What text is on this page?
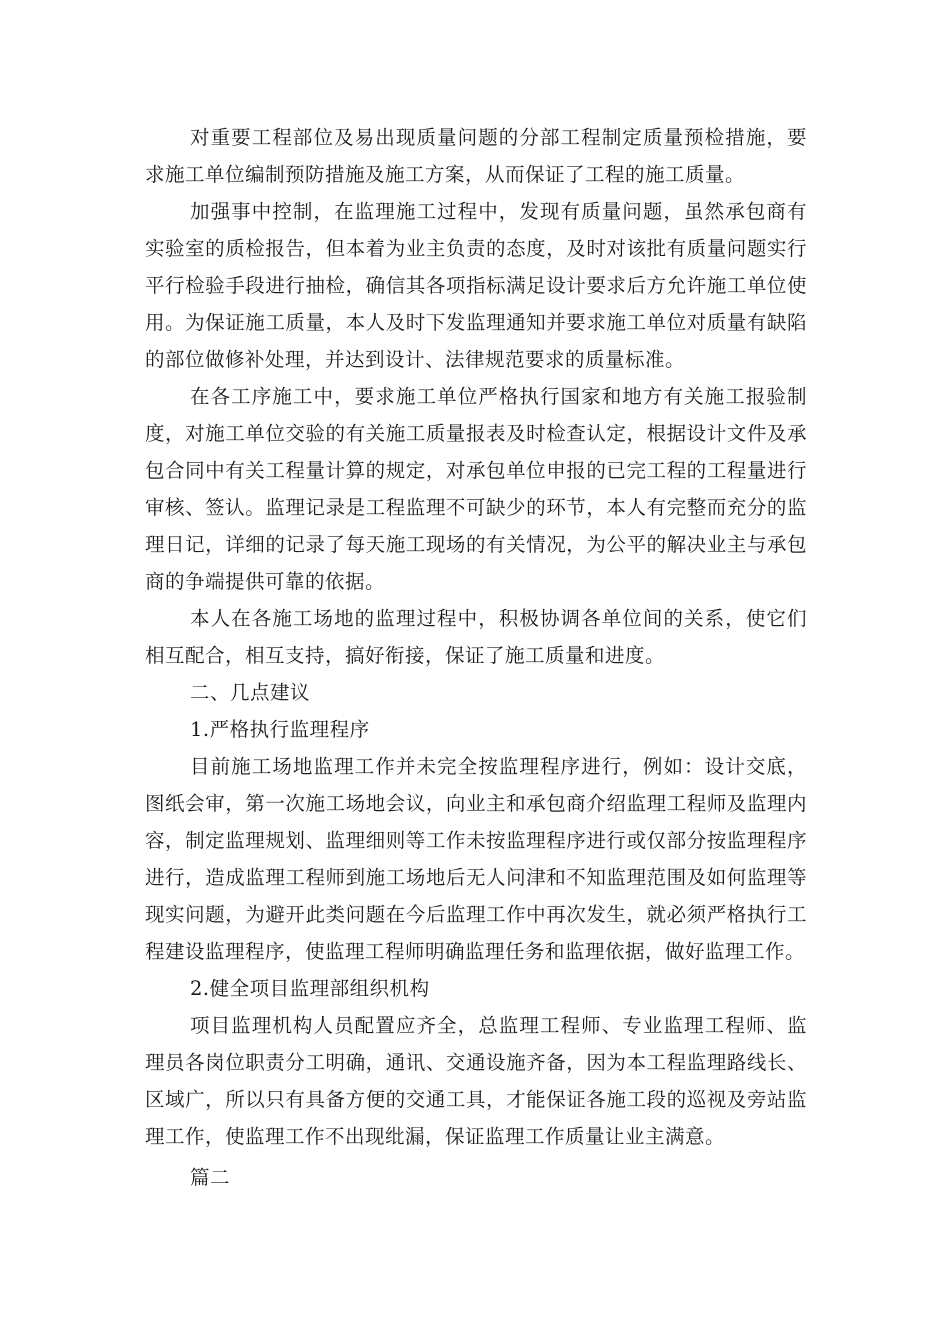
对重要工程部位及易出现质量问题的分部工程制定质量预检措施，要求施工单位编制预防措施及施工方案，从而保证了工程的施工质量。

加强事中控制，在监理施工过程中，发现有质量问题，虽然承包商有实验室的质检报告，但本着为业主负责的态度，及时对该批有质量问题实行平行检验手段进行抽检，确信其各项指标满足设计要求后方允许施工单位使用。为保证施工质量，本人及时下发监理通知并要求施工单位对质量有缺陷的部位做修补处理，并达到设计、法律规范要求的质量标准。

在各工序施工中，要求施工单位严格执行国家和地方有关施工报验制度，对施工单位交验的有关施工质量报表及时检查认定，根据设计文件及承包合同中有关工程量计算的规定，对承包单位申报的已完工程的工程量进行审核、签认。监理记录是工程监理不可缺少的环节，本人有完整而充分的监理日记，详细的记录了每天施工现场的有关情况，为公平的解决业主与承包商的争端提供可靠的依据。

本人在各施工场地的监理过程中，积极协调各单位间的关系，使它们相互配合，相互支持，搞好衔接，保证了施工质量和进度。

二、几点建议

1.严格执行监理程序

目前施工场地监理工作并未完全按监理程序进行，例如：设计交底，图纸会审，第一次施工场地会议，向业主和承包商介绍监理工程师及监理内容，制定监理规划、监理细则等工作未按监理程序进行或仅部分按监理程序进行，造成监理工程师到施工场地后无人问津和不知监理范围及如何监理等现实问题，为避开此类问题在今后监理工作中再次发生，就必须严格执行工程建设监理程序，使监理工程师明确监理任务和监理依据，做好监理工作。

2.健全项目监理部组织机构

项目监理机构人员配置应齐全，总监理工程师、专业监理工程师、监理员各岗位职责分工明确，通讯、交通设施齐备，因为本工程监理路线长、区域广，所以只有具备方便的交通工具，才能保证各施工段的巡视及旁站监理工作，使监理工作不出现纰漏，保证监理工作质量让业主满意。

篇二
